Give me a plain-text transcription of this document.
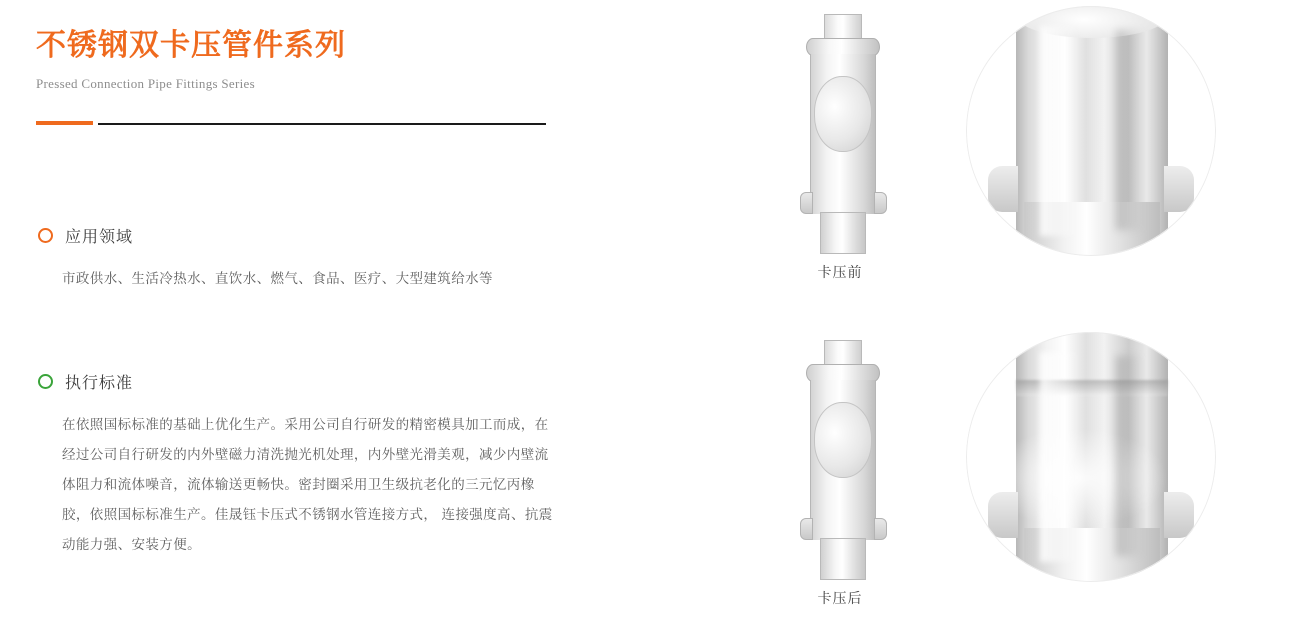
不锈钢双卡压管件系列

Pressed Connection Pipe Fittings Series

应用领域

市政供水、生活冷热水、直饮水、燃气、食品、医疗、大型建筑给水等

执行标准

在依照国标标准的基础上优化生产。采用公司自行研发的精密模具加工而成，在经过公司自行研发的内外壁磁力清洗抛光机处理，内外壁光滑美观，减少内壁流体阻力和流体噪音，流体输送更畅快。密封圈采用卫生级抗老化的三元忆丙橡胶，依照国标标准生产。佳晟钰卡压式不锈钢水管连接方式， 连接强度高、抗震动能力强、安装方便。

卡压前
卡压后
